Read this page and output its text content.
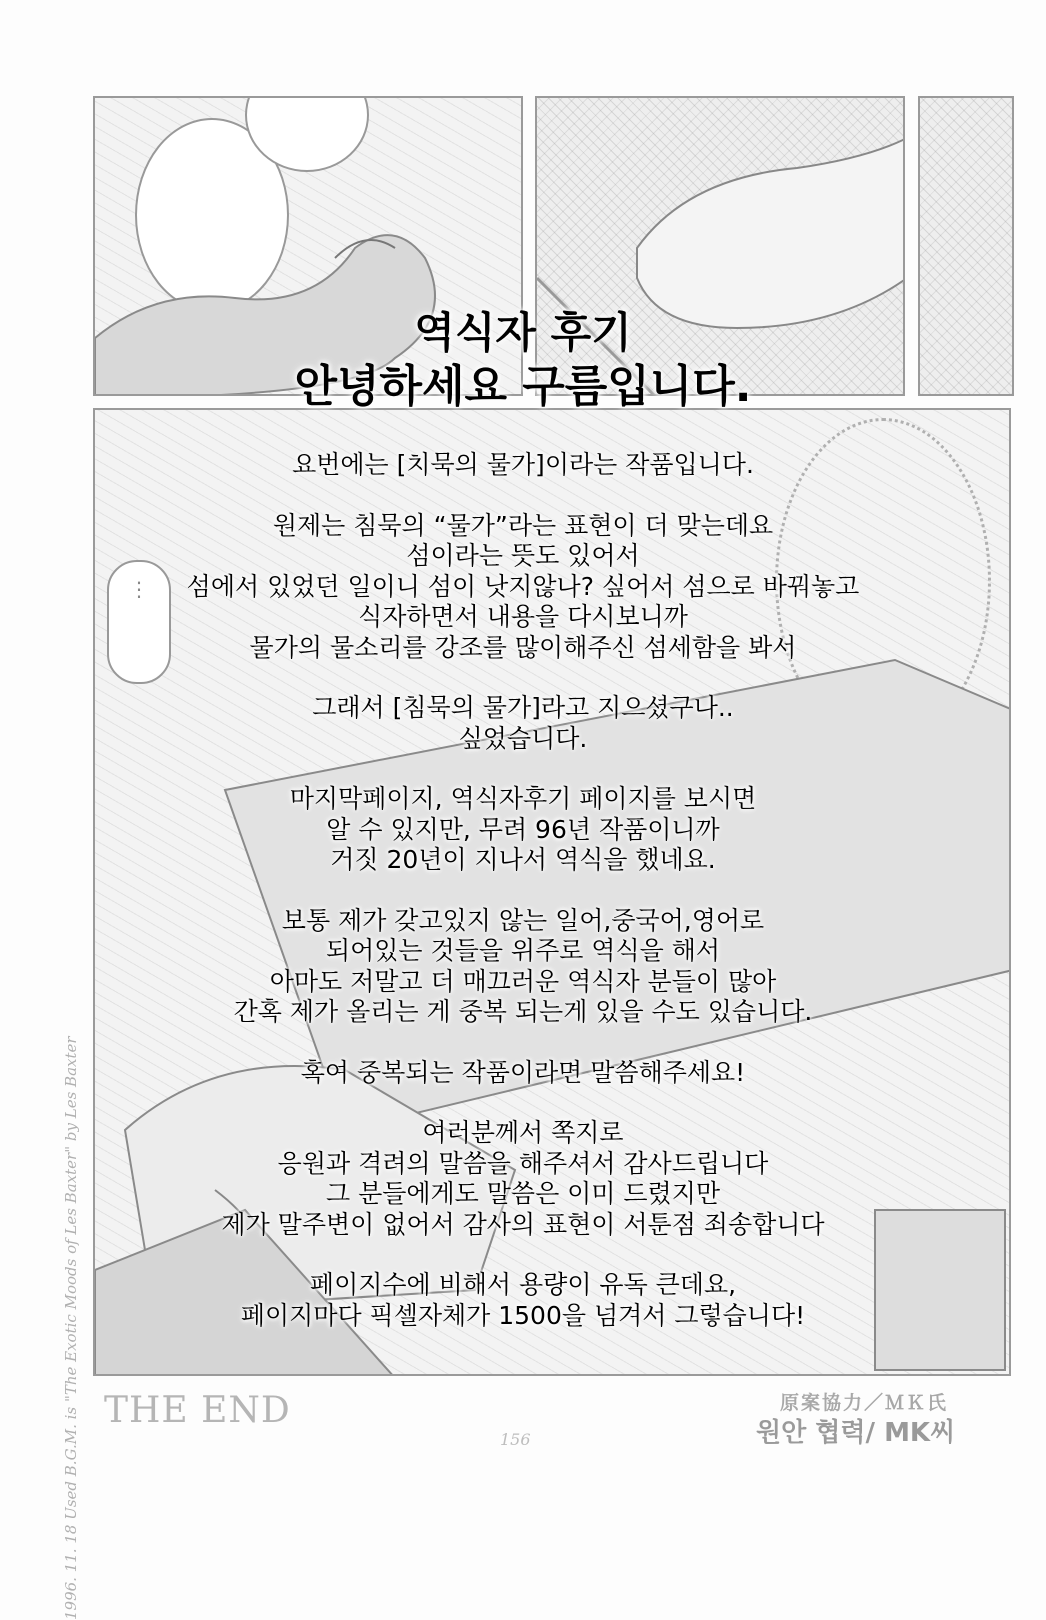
⋮
역식자 후기
안녕하세요 구름입니다.
요번에는 [치묵의 물가]이라는 작품입니다.
원제는 침묵의 “물가”라는 표현이 더 맞는데요
섬이라는 뜻도 있어서
섬에서 있었던 일이니 섬이 낫지않나? 싶어서 섬으로 바꿔놓고
식자하면서 내용을 다시보니까
물가의 물소리를 강조를 많이해주신 섬세함을 봐서
그래서 [침묵의 물가]라고 지으셨구나..
싶었습니다.
마지막페이지, 역식자후기 페이지를 보시면
알 수 있지만, 무려 96년 작품이니까
거짓 20년이 지나서 역식을 했네요.
보통 제가 갖고있지 않는 일어,중국어,영어로
되어있는 것들을 위주로 역식을 해서
아마도 저말고 더 매끄러운 역식자 분들이 많아
간혹 제가 올리는 게 중복 되는게 있을 수도 있습니다.
혹여 중복되는 작품이라면 말씀해주세요!
여러분께서 쪽지로
응원과 격려의 말씀을 해주셔서 감사드립니다
그 분들에게도 말씀은 이미 드렸지만
제가 말주변이 없어서 감사의 표현이 서툰점 죄송합니다
페이지수에 비해서 용량이 유독 큰데요,
페이지마다 픽셀자체가 1500을 넘겨서 그렇습니다!
THE END	原案協力／ＭＫ氏
원안 협력/ MK씨
156
1996. 11. 18 Used B.G.M. is "The Exotic Moods of Les Baxter" by Les Baxter
